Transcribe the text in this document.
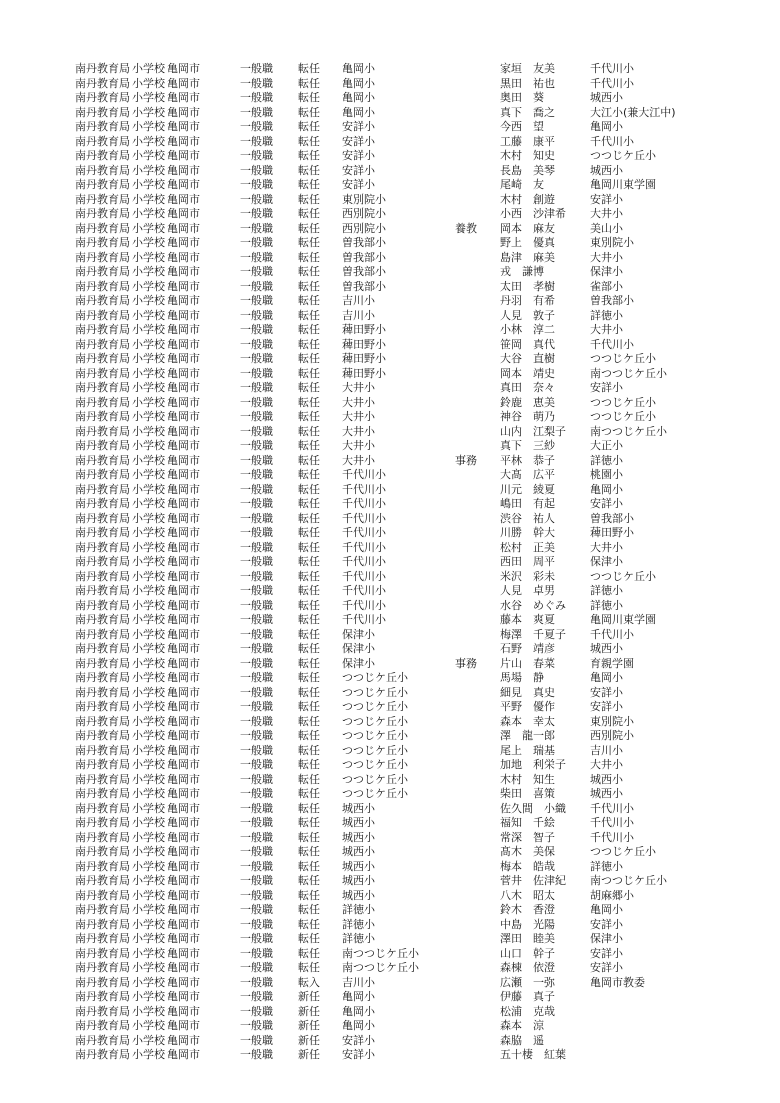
南丹教育局 小学校 亀岡市	一般職	転任	亀岡小	家垣　友美	千代川小
南丹教育局 小学校 亀岡市	一般職	転任	亀岡小	黒田　祐也	千代川小
南丹教育局 小学校 亀岡市	一般職	転任	亀岡小	奥田　葵	城西小
南丹教育局 小学校 亀岡市	一般職	転任	亀岡小	真下　喬之	大江小(兼大江中)
南丹教育局 小学校 亀岡市	一般職	転任	安詳小	今西　望	亀岡小
南丹教育局 小学校 亀岡市	一般職	転任	安詳小	工藤　康平	千代川小
南丹教育局 小学校 亀岡市	一般職	転任	安詳小	木村　知史	つつじケ丘小
南丹教育局 小学校 亀岡市	一般職	転任	安詳小	長島　美琴	城西小
南丹教育局 小学校 亀岡市	一般職	転任	安詳小	尾崎　友	亀岡川東学園
南丹教育局 小学校 亀岡市	一般職	転任	東別院小	木村　創遊	安詳小
南丹教育局 小学校 亀岡市	一般職	転任	西別院小	小西　沙津希	大井小
南丹教育局 小学校 亀岡市	一般職	転任	西別院小	養教	岡本　麻友	美山小
南丹教育局 小学校 亀岡市	一般職	転任	曽我部小	野上　優真	東別院小
南丹教育局 小学校 亀岡市	一般職	転任	曽我部小	島津　麻美	大井小
南丹教育局 小学校 亀岡市	一般職	転任	曽我部小	戎　謙博	保津小
南丹教育局 小学校 亀岡市	一般職	転任	曽我部小	太田　孝樹	雀部小
南丹教育局 小学校 亀岡市	一般職	転任	吉川小	丹羽　有希	曽我部小
南丹教育局 小学校 亀岡市	一般職	転任	吉川小	人見　敦子	詳徳小
南丹教育局 小学校 亀岡市	一般職	転任	薭田野小	小林　淳二	大井小
南丹教育局 小学校 亀岡市	一般職	転任	薭田野小	笹岡　真代	千代川小
南丹教育局 小学校 亀岡市	一般職	転任	薭田野小	大谷　直樹	つつじケ丘小
南丹教育局 小学校 亀岡市	一般職	転任	薭田野小	岡本　靖史	南つつじケ丘小
南丹教育局 小学校 亀岡市	一般職	転任	大井小	真田　奈々	安詳小
南丹教育局 小学校 亀岡市	一般職	転任	大井小	鈴鹿　恵美	つつじケ丘小
南丹教育局 小学校 亀岡市	一般職	転任	大井小	神谷　萌乃	つつじケ丘小
南丹教育局 小学校 亀岡市	一般職	転任	大井小	山内　江梨子	南つつじケ丘小
南丹教育局 小学校 亀岡市	一般職	転任	大井小	真下　三紗	大正小
南丹教育局 小学校 亀岡市	一般職	転任	大井小	事務	平林　恭子	詳徳小
南丹教育局 小学校 亀岡市	一般職	転任	千代川小	大髙　広平	桃園小
南丹教育局 小学校 亀岡市	一般職	転任	千代川小	川元　綾夏	亀岡小
南丹教育局 小学校 亀岡市	一般職	転任	千代川小	嶋田　有起	安詳小
南丹教育局 小学校 亀岡市	一般職	転任	千代川小	渋谷　祐人	曽我部小
南丹教育局 小学校 亀岡市	一般職	転任	千代川小	川勝　幹大	薭田野小
南丹教育局 小学校 亀岡市	一般職	転任	千代川小	松村　正美	大井小
南丹教育局 小学校 亀岡市	一般職	転任	千代川小	西田　周平	保津小
南丹教育局 小学校 亀岡市	一般職	転任	千代川小	米沢　彩未	つつじケ丘小
南丹教育局 小学校 亀岡市	一般職	転任	千代川小	人見　卓男	詳徳小
南丹教育局 小学校 亀岡市	一般職	転任	千代川小	水谷　めぐみ	詳徳小
南丹教育局 小学校 亀岡市	一般職	転任	千代川小	藤本　爽夏	亀岡川東学園
南丹教育局 小学校 亀岡市	一般職	転任	保津小	梅澤　千夏子	千代川小
南丹教育局 小学校 亀岡市	一般職	転任	保津小	石野　靖彦	城西小
南丹教育局 小学校 亀岡市	一般職	転任	保津小	事務	片山　春菜	育親学園
南丹教育局 小学校 亀岡市	一般職	転任	つつじケ丘小	馬場　静	亀岡小
南丹教育局 小学校 亀岡市	一般職	転任	つつじケ丘小	細見　真史	安詳小
南丹教育局 小学校 亀岡市	一般職	転任	つつじケ丘小	平野　優作	安詳小
南丹教育局 小学校 亀岡市	一般職	転任	つつじケ丘小	森本　幸太	東別院小
南丹教育局 小学校 亀岡市	一般職	転任	つつじケ丘小	澤　龍一郎	西別院小
南丹教育局 小学校 亀岡市	一般職	転任	つつじケ丘小	尾上　瑞基	吉川小
南丹教育局 小学校 亀岡市	一般職	転任	つつじケ丘小	加地　利栄子	大井小
南丹教育局 小学校 亀岡市	一般職	転任	つつじケ丘小	木村　知生	城西小
南丹教育局 小学校 亀岡市	一般職	転任	つつじケ丘小	柴田　喜策	城西小
南丹教育局 小学校 亀岡市	一般職	転任	城西小	佐久間　小織	千代川小
南丹教育局 小学校 亀岡市	一般職	転任	城西小	福知　千絵	千代川小
南丹教育局 小学校 亀岡市	一般職	転任	城西小	常深　智子	千代川小
南丹教育局 小学校 亀岡市	一般職	転任	城西小	髙木　美保	つつじケ丘小
南丹教育局 小学校 亀岡市	一般職	転任	城西小	梅本　皓哉	詳徳小
南丹教育局 小学校 亀岡市	一般職	転任	城西小	菅井　佐津紀	南つつじケ丘小
南丹教育局 小学校 亀岡市	一般職	転任	城西小	八木　昭太	胡麻郷小
南丹教育局 小学校 亀岡市	一般職	転任	詳徳小	鈴木　香澄	亀岡小
南丹教育局 小学校 亀岡市	一般職	転任	詳徳小	中島　光陽	安詳小
南丹教育局 小学校 亀岡市	一般職	転任	詳徳小	澤田　睦美	保津小
南丹教育局 小学校 亀岡市	一般職	転任	南つつじケ丘小	山口　幹子	安詳小
南丹教育局 小学校 亀岡市	一般職	転任	南つつじケ丘小	森棟　依澄	安詳小
南丹教育局 小学校 亀岡市	一般職	転入	吉川小	広瀬　一弥	亀岡市教委
南丹教育局 小学校 亀岡市	一般職	新任	亀岡小	伊藤　真子
南丹教育局 小学校 亀岡市	一般職	新任	亀岡小	松浦　克哉
南丹教育局 小学校 亀岡市	一般職	新任	亀岡小	森本　涼
南丹教育局 小学校 亀岡市	一般職	新任	安詳小	森脇　遥
南丹教育局 小学校 亀岡市	一般職	新任	安詳小	五十棲　紅葉
